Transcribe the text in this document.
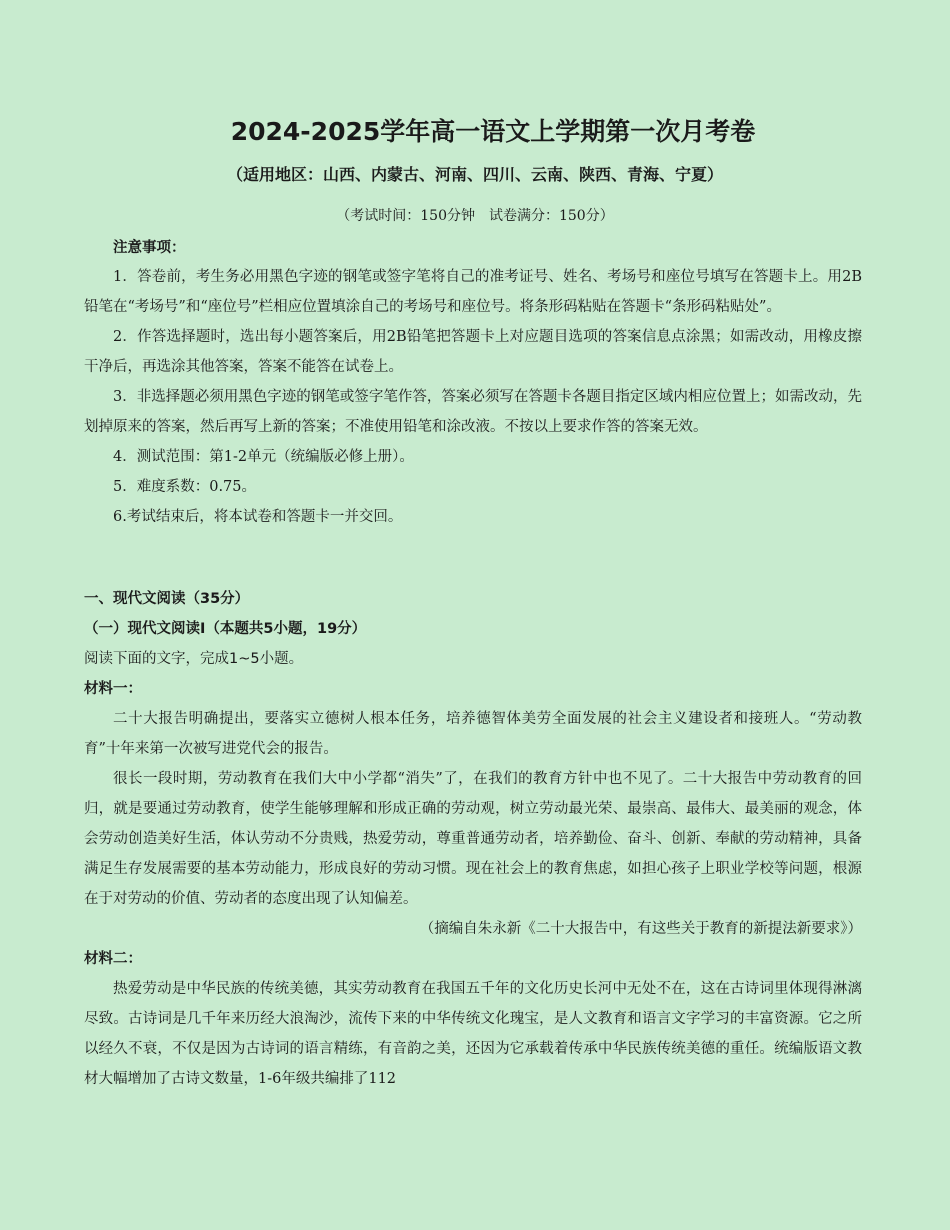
2024-2025学年高一语文上学期第一次月考卷
（适用地区：山西、内蒙古、河南、四川、云南、陕西、青海、宁夏）
（考试时间：150分钟　试卷满分：150分）

注意事项：

1．答卷前，考生务必用黑色字迹的钢笔或签字笔将自己的准考证号、姓名、考场号和座位号填写在答题卡上。用2B铅笔在“考场号”和“座位号”栏相应位置填涂自己的考场号和座位号。将条形码粘贴在答题卡“条形码粘贴处”。

2．作答选择题时，选出每小题答案后，用2B铅笔把答题卡上对应题目选项的答案信息点涂黑；如需改动，用橡皮擦干净后，再选涂其他答案，答案不能答在试卷上。

3．非选择题必须用黑色字迹的钢笔或签字笔作答，答案必须写在答题卡各题目指定区域内相应位置上；如需改动，先划掉原来的答案，然后再写上新的答案；不准使用铅笔和涂改液。不按以上要求作答的答案无效。

4．测试范围：第1-2单元（统编版必修上册）。

5．难度系数：0.75。

6.考试结束后，将本试卷和答题卡一并交回。

一、现代文阅读（35分）

（一）现代文阅读Ⅰ（本题共5小题，19分）

阅读下面的文字，完成1~5小题。

材料一：

二十大报告明确提出，要落实立德树人根本任务，培养德智体美劳全面发展的社会主义建设者和接班人。“劳动教育”十年来第一次被写进党代会的报告。

很长一段时期，劳动教育在我们大中小学都“消失”了，在我们的教育方针中也不见了。二十大报告中劳动教育的回归，就是要通过劳动教育，使学生能够理解和形成正确的劳动观，树立劳动最光荣、最崇高、最伟大、最美丽的观念，体会劳动创造美好生活，体认劳动不分贵贱，热爱劳动，尊重普通劳动者，培养勤俭、奋斗、创新、奉献的劳动精神，具备满足生存发展需要的基本劳动能力，形成良好的劳动习惯。现在社会上的教育焦虑，如担心孩子上职业学校等问题，根源在于对劳动的价值、劳动者的态度出现了认知偏差。

（摘编自朱永新《二十大报告中，有这些关于教育的新提法新要求》）

材料二：

热爱劳动是中华民族的传统美德，其实劳动教育在我国五千年的文化历史长河中无处不在，这在古诗词里体现得淋漓尽致。古诗词是几千年来历经大浪淘沙，流传下来的中华传统文化瑰宝，是人文教育和语言文字学习的丰富资源。它之所以经久不衰，不仅是因为古诗词的语言精练，有音韵之美，还因为它承载着传承中华民族传统美德的重任。统编版语文教材大幅增加了古诗文数量，1-6年级共编排了112
